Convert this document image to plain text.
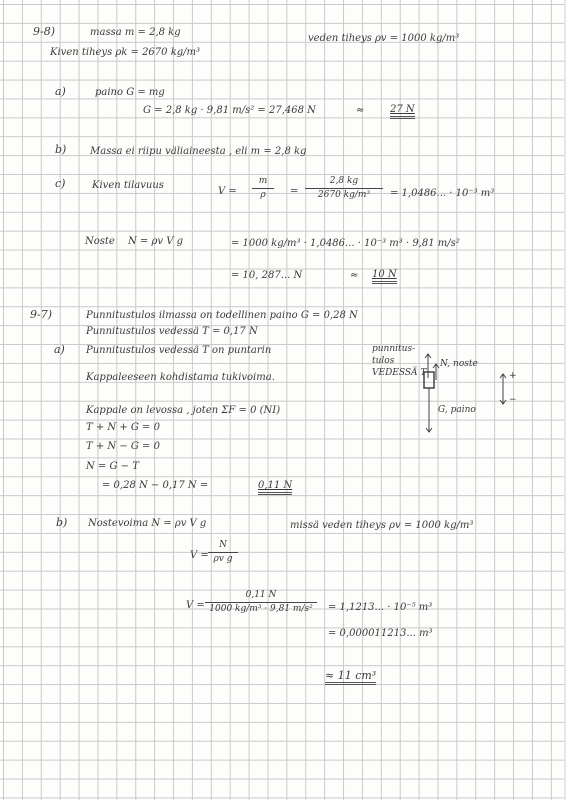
9-8)	massa m = 2,8 kg
veden tiheys ρv = 1000 kg/m³
Kiven tiheys ρk = 2670 kg/m³
a)	paino G = mg
G = 2,8 kg · 9,81 m/s² = 27,468 N	≈	27 N
b) Massa ei riipu väliaineesta , eli m = 2,8 kg
c)	Kiven tilavuus
V =
m
ρ	=
2,8 kg
2670 kg/m³	= 1,0486... · 10⁻³ m³
Noste N = ρv V g	= 1000 kg/m³ · 1,0486... · 10⁻³ m³ · 9,81 m/s²
= 10, 287... N	≈ 10 N
9-7)	Punnitustulos ilmassa on todellinen paino G = 0,28 N
Punnitustulos vedessä T = 0,17 N
a) Punnitustulos vedessä T on puntarin
Kappaleeseen kohdistama tukivoima.
punnitus-
tulos
VEDESSÄ T
N, noste
G, paino
+
−
Kappale on levossa , joten ΣF = 0 (NI)
T + N + G = 0
T + N − G = 0
N = G − T
= 0,28 N − 0,17 N =	0,11 N
b) Nostevoima N = ρv V g	missä veden tiheys ρv = 1000 kg/m³
V =
N
ρv g
V =
0,11 N
1000 kg/m³ · 9,81 m/s²	= 1,1213... · 10⁻⁵ m³
= 0,000011213... m³
≈ 11 cm³
